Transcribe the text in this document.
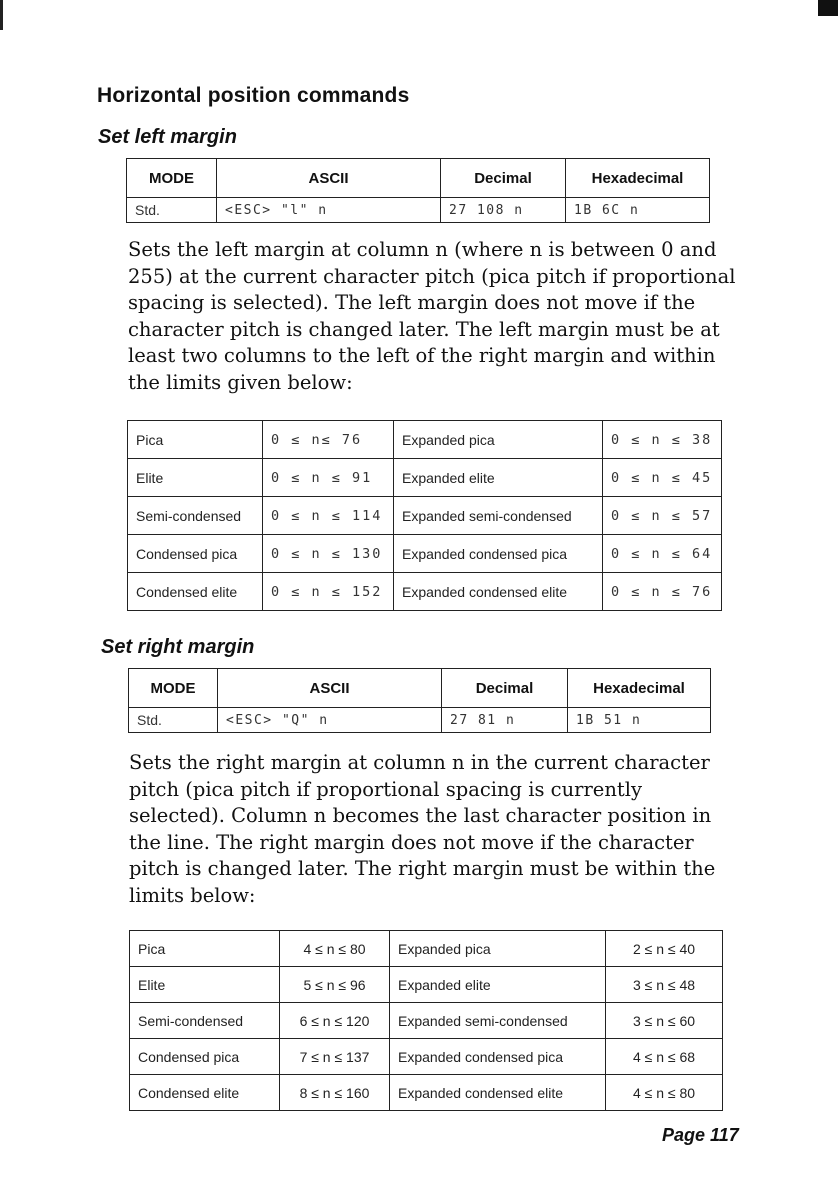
Horizontal position commands
Set left margin
MODE	ASCII	Decimal	Hexadecimal
Std.	<ESC> "l" n	27 108 n	1B 6C n

Sets the left margin at column n (where n is between 0 and 255) at the current character pitch (pica pitch if proportional spacing is selected). The left margin does not move if the character pitch is changed later. The left margin must be at least two columns to the left of the right margin and within the limits given below:

Pica	0 ≤ n≤ 76	Expanded pica	0 ≤ n ≤ 38
Elite	0 ≤ n ≤ 91	Expanded elite	0 ≤ n ≤ 45
Semi-condensed	0 ≤ n ≤ 114	Expanded semi-condensed	0 ≤ n ≤ 57
Condensed pica	0 ≤ n ≤ 130	Expanded condensed pica	0 ≤ n ≤ 64
Condensed elite	0 ≤ n ≤ 152	Expanded condensed elite	0 ≤ n ≤ 76
Set right margin
MODE	ASCII	Decimal	Hexadecimal
Std.	<ESC> "Q" n	27 81 n	1B 51 n

Sets the right margin at column n in the current character pitch (pica pitch if proportional spacing is currently selected). Column n becomes the last character position in the line. The right margin does not move if the character pitch is changed later. The right margin must be within the limits below:

Pica	4 ≤ n ≤ 80	Expanded pica	2 ≤ n ≤ 40
Elite	5 ≤ n ≤ 96	Expanded elite	3 ≤ n ≤ 48
Semi-condensed	6 ≤ n ≤ 120	Expanded semi-condensed	3 ≤ n ≤ 60
Condensed pica	7 ≤ n ≤ 137	Expanded condensed pica	4 ≤ n ≤ 68
Condensed elite	8 ≤ n ≤ 160	Expanded condensed elite	4 ≤ n ≤ 80
Page 117
